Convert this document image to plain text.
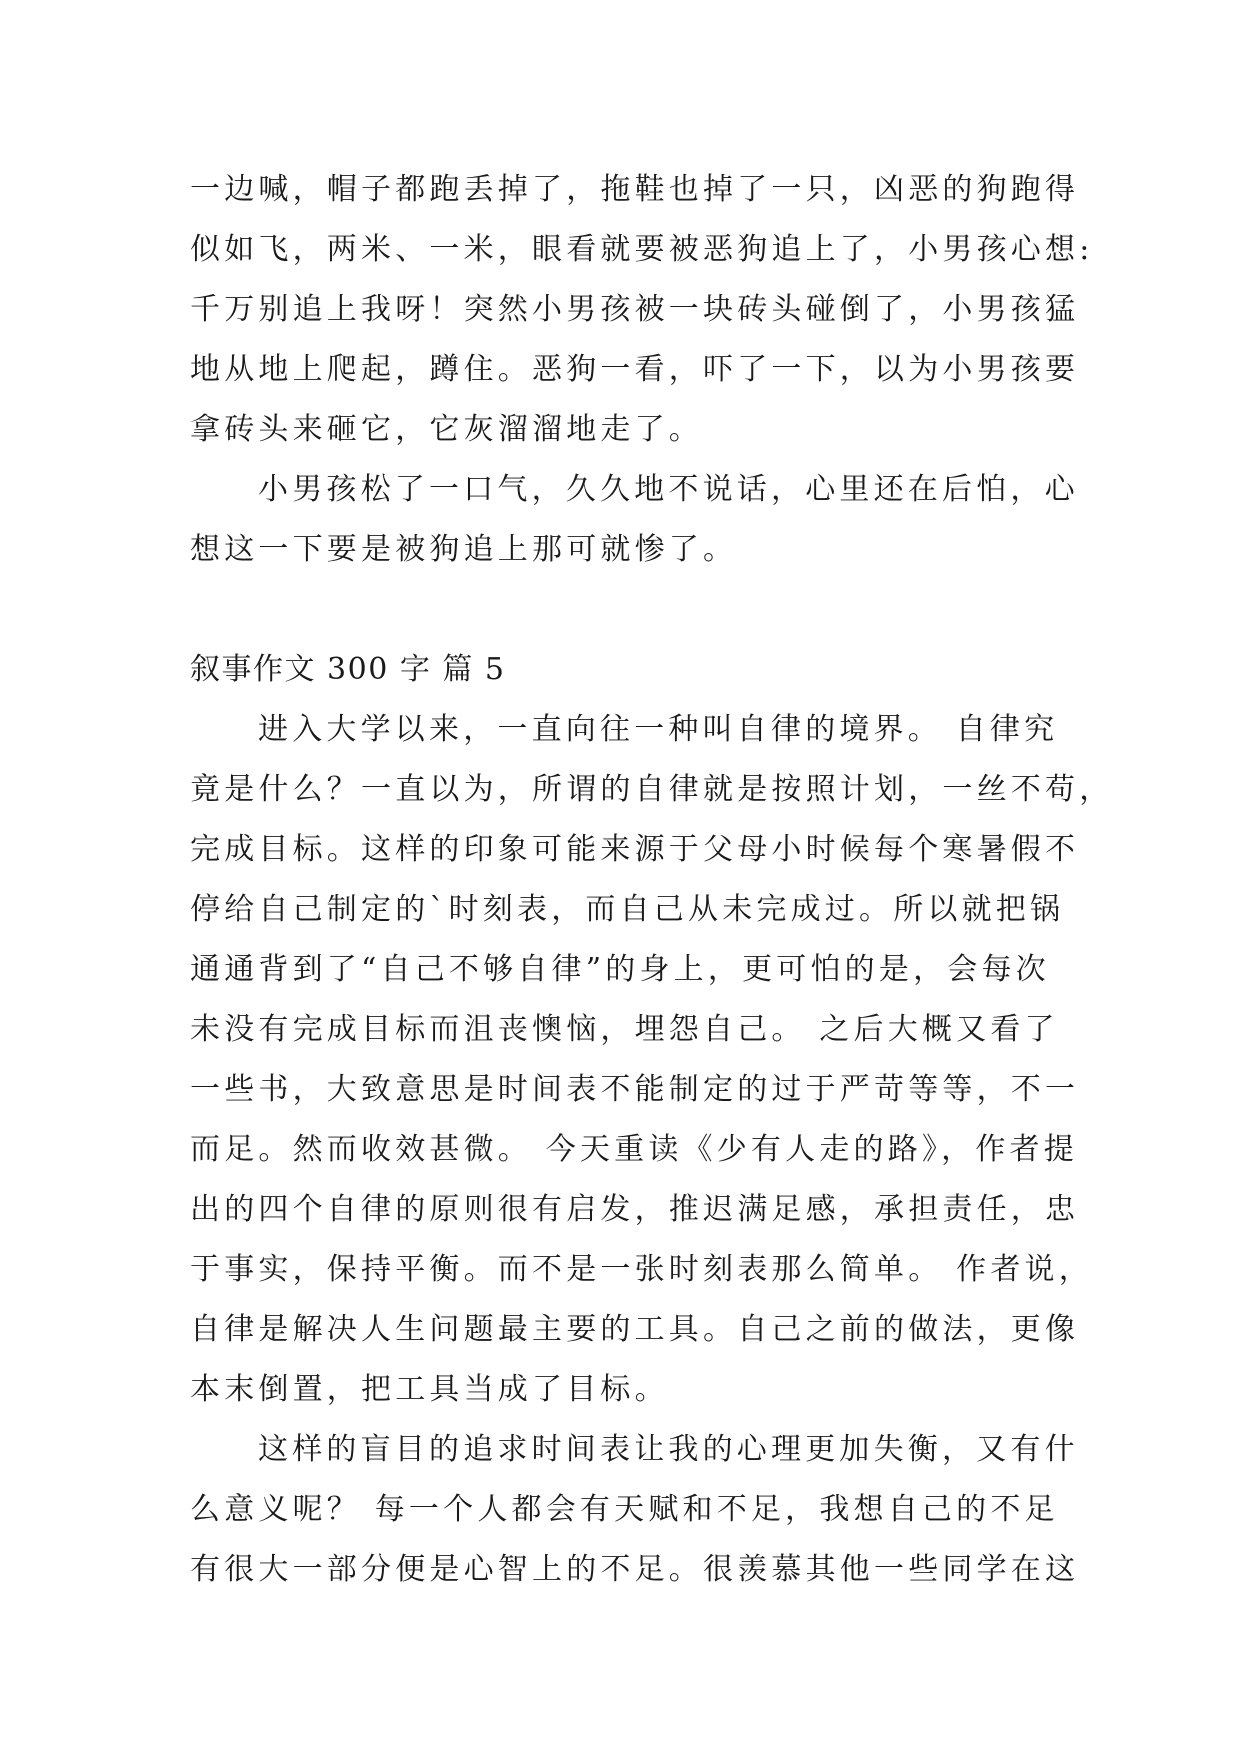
一边喊，帽子都跑丢掉了，拖鞋也掉了一只，凶恶的狗跑得
似如飞，两米、一米，眼看就要被恶狗追上了，小男孩心想:
千万别追上我呀！突然小男孩被一块砖头碰倒了，小男孩猛
地从地上爬起，蹲住。恶狗一看，吓了一下，以为小男孩要
拿砖头来砸它，它灰溜溜地走了。
小男孩松了一口气，久久地不说话，心里还在后怕，心
想这一下要是被狗追上那可就惨了。
叙事作文 300 字 篇 5
进入大学以来，一直向往一种叫自律的境界。 自律究
竟是什么？一直以为，所谓的自律就是按照计划，一丝不苟，
完成目标。这样的印象可能来源于父母小时候每个寒暑假不
停给自己制定的`时刻表，而自己从未完成过。所以就把锅
通通背到了“自己不够自律”的身上，更可怕的是，会每次
未没有完成目标而沮丧懊恼，埋怨自己。 之后大概又看了
一些书，大致意思是时间表不能制定的过于严苛等等，不一
而足。然而收效甚微。 今天重读《少有人走的路》，作者提
出的四个自律的原则很有启发，推迟满足感，承担责任，忠
于事实，保持平衡。而不是一张时刻表那么简单。 作者说，
自律是解决人生问题最主要的工具。自己之前的做法，更像
本末倒置，把工具当成了目标。
这样的盲目的追求时间表让我的心理更加失衡，又有什
么意义呢？ 每一个人都会有天赋和不足，我想自己的不足
有很大一部分便是心智上的不足。很羡慕其他一些同学在这
